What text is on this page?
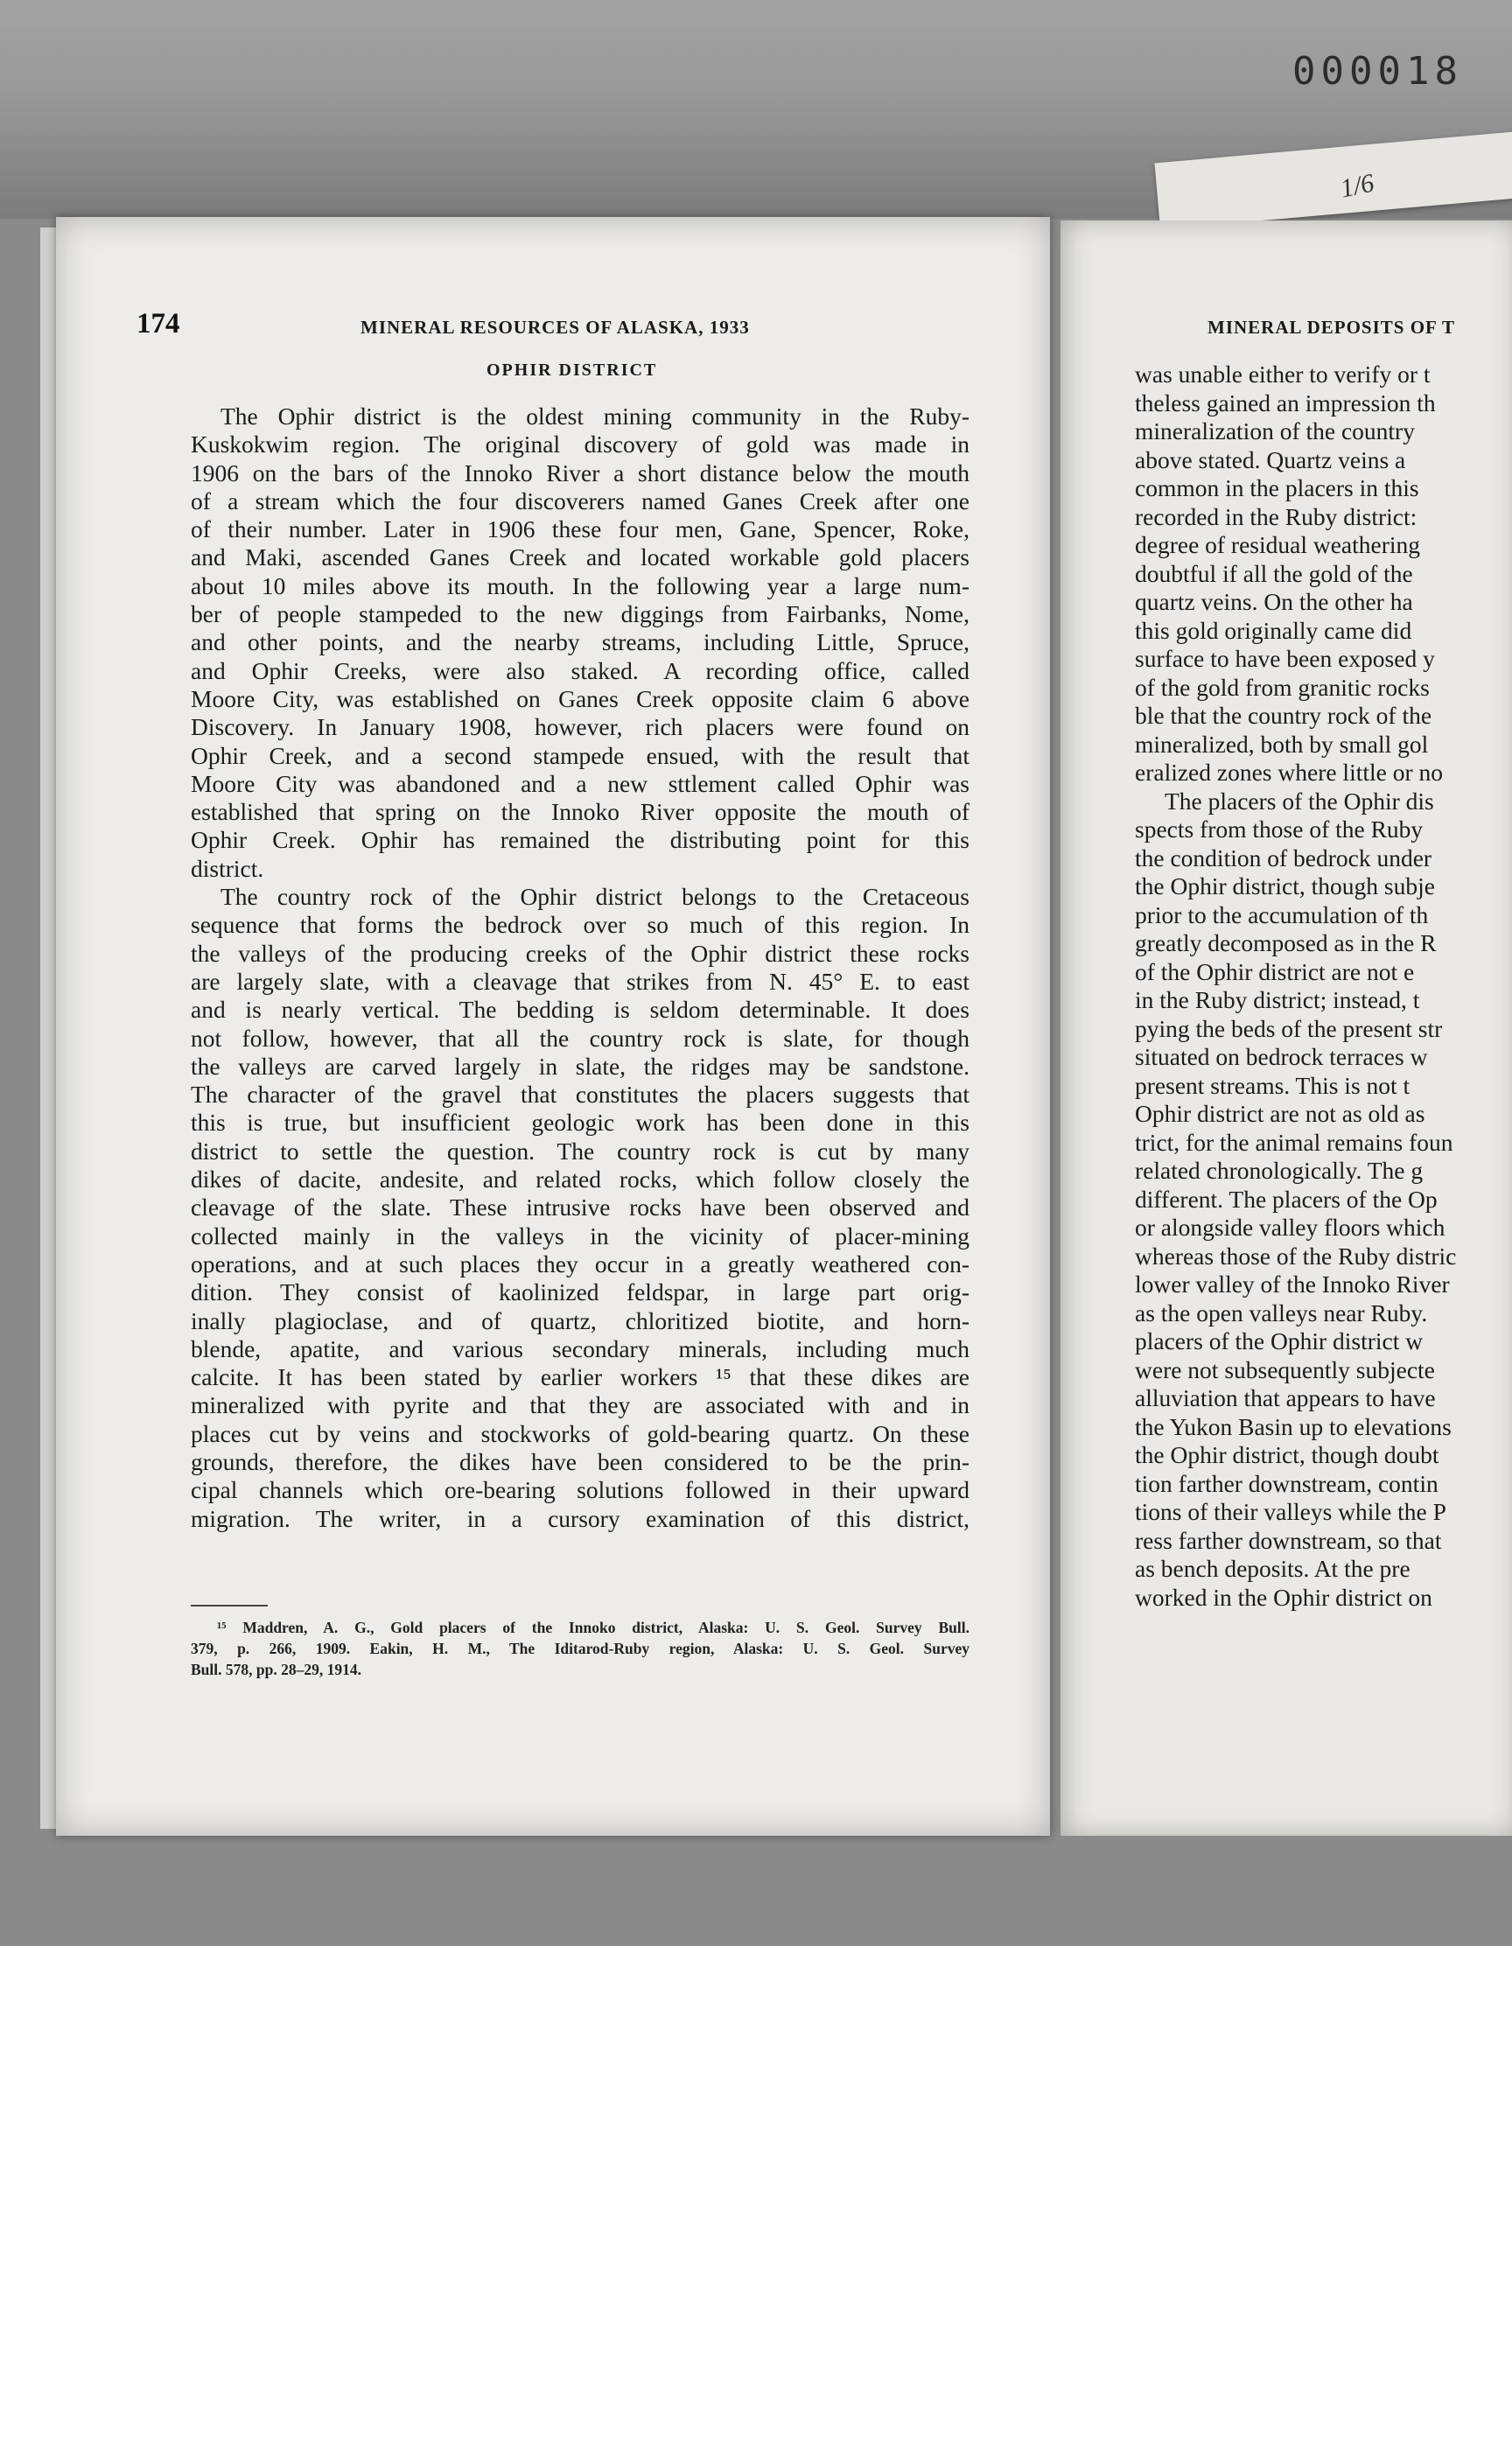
000018
1/6
MINERAL DEPOSITS OF T
was unable either to verify or t
theless gained an impression th
mineralization of the country
above stated. Quartz veins a
common in the placers in this
recorded in the Ruby district:
degree of residual weathering
doubtful if all the gold of the
quartz veins. On the other ha
this gold originally came did
surface to have been exposed y
of the gold from granitic rocks
ble that the country rock of the
mineralized, both by small gol
eralized zones where little or no
The placers of the Ophir dis
spects from those of the Ruby
the condition of bedrock under
the Ophir district, though subje
prior to the accumulation of th
greatly decomposed as in the R
of the Ophir district are not e
in the Ruby district; instead, t
pying the beds of the present str
situated on bedrock terraces w
present streams. This is not t
Ophir district are not as old as
trict, for the animal remains foun
related chronologically. The g
different. The placers of the Op
or alongside valley floors which
whereas those of the Ruby distric
lower valley of the Innoko River
as the open valleys near Ruby.
placers of the Ophir district w
were not subsequently subjecte
alluviation that appears to have
the Yukon Basin up to elevations
the Ophir district, though doubt
tion farther downstream, contin
tions of their valleys while the P
ress farther downstream, so that
as bench deposits. At the pre
worked in the Ophir district on
174	MINERAL RESOURCES OF ALASKA, 1933
OPHIR DISTRICT
The Ophir district is the oldest mining community in the Ruby-
Kuskokwim region. The original discovery of gold was made in
1906 on the bars of the Innoko River a short distance below the mouth
of a stream which the four discoverers named Ganes Creek after one
of their number. Later in 1906 these four men, Gane, Spencer, Roke,
and Maki, ascended Ganes Creek and located workable gold placers
about 10 miles above its mouth. In the following year a large num-
ber of people stampeded to the new diggings from Fairbanks, Nome,
and other points, and the nearby streams, including Little, Spruce,
and Ophir Creeks, were also staked. A recording office, called
Moore City, was established on Ganes Creek opposite claim 6 above
Discovery. In January 1908, however, rich placers were found on
Ophir Creek, and a second stampede ensued, with the result that
Moore City was abandoned and a new sttlement called Ophir was
established that spring on the Innoko River opposite the mouth of
Ophir Creek. Ophir has remained the distributing point for this
district.
The country rock of the Ophir district belongs to the Cretaceous
sequence that forms the bedrock over so much of this region. In
the valleys of the producing creeks of the Ophir district these rocks
are largely slate, with a cleavage that strikes from N. 45° E. to east
and is nearly vertical. The bedding is seldom determinable. It does
not follow, however, that all the country rock is slate, for though
the valleys are carved largely in slate, the ridges may be sandstone.
The character of the gravel that constitutes the placers suggests that
this is true, but insufficient geologic work has been done in this
district to settle the question. The country rock is cut by many
dikes of dacite, andesite, and related rocks, which follow closely the
cleavage of the slate. These intrusive rocks have been observed and
collected mainly in the valleys in the vicinity of placer-mining
operations, and at such places they occur in a greatly weathered con-
dition. They consist of kaolinized feldspar, in large part orig-
inally plagioclase, and of quartz, chloritized biotite, and horn-
blende, apatite, and various secondary minerals, including much
calcite. It has been stated by earlier workers ¹⁵ that these dikes are
mineralized with pyrite and that they are associated with and in
places cut by veins and stockworks of gold-bearing quartz. On these
grounds, therefore, the dikes have been considered to be the prin-
cipal channels which ore-bearing solutions followed in their upward
migration. The writer, in a cursory examination of this district,
¹⁵ Maddren, A. G., Gold placers of the Innoko district, Alaska: U. S. Geol. Survey Bull.
379, p. 266, 1909. Eakin, H. M., The Iditarod-Ruby region, Alaska: U. S. Geol. Survey
Bull. 578, pp. 28–29, 1914.
